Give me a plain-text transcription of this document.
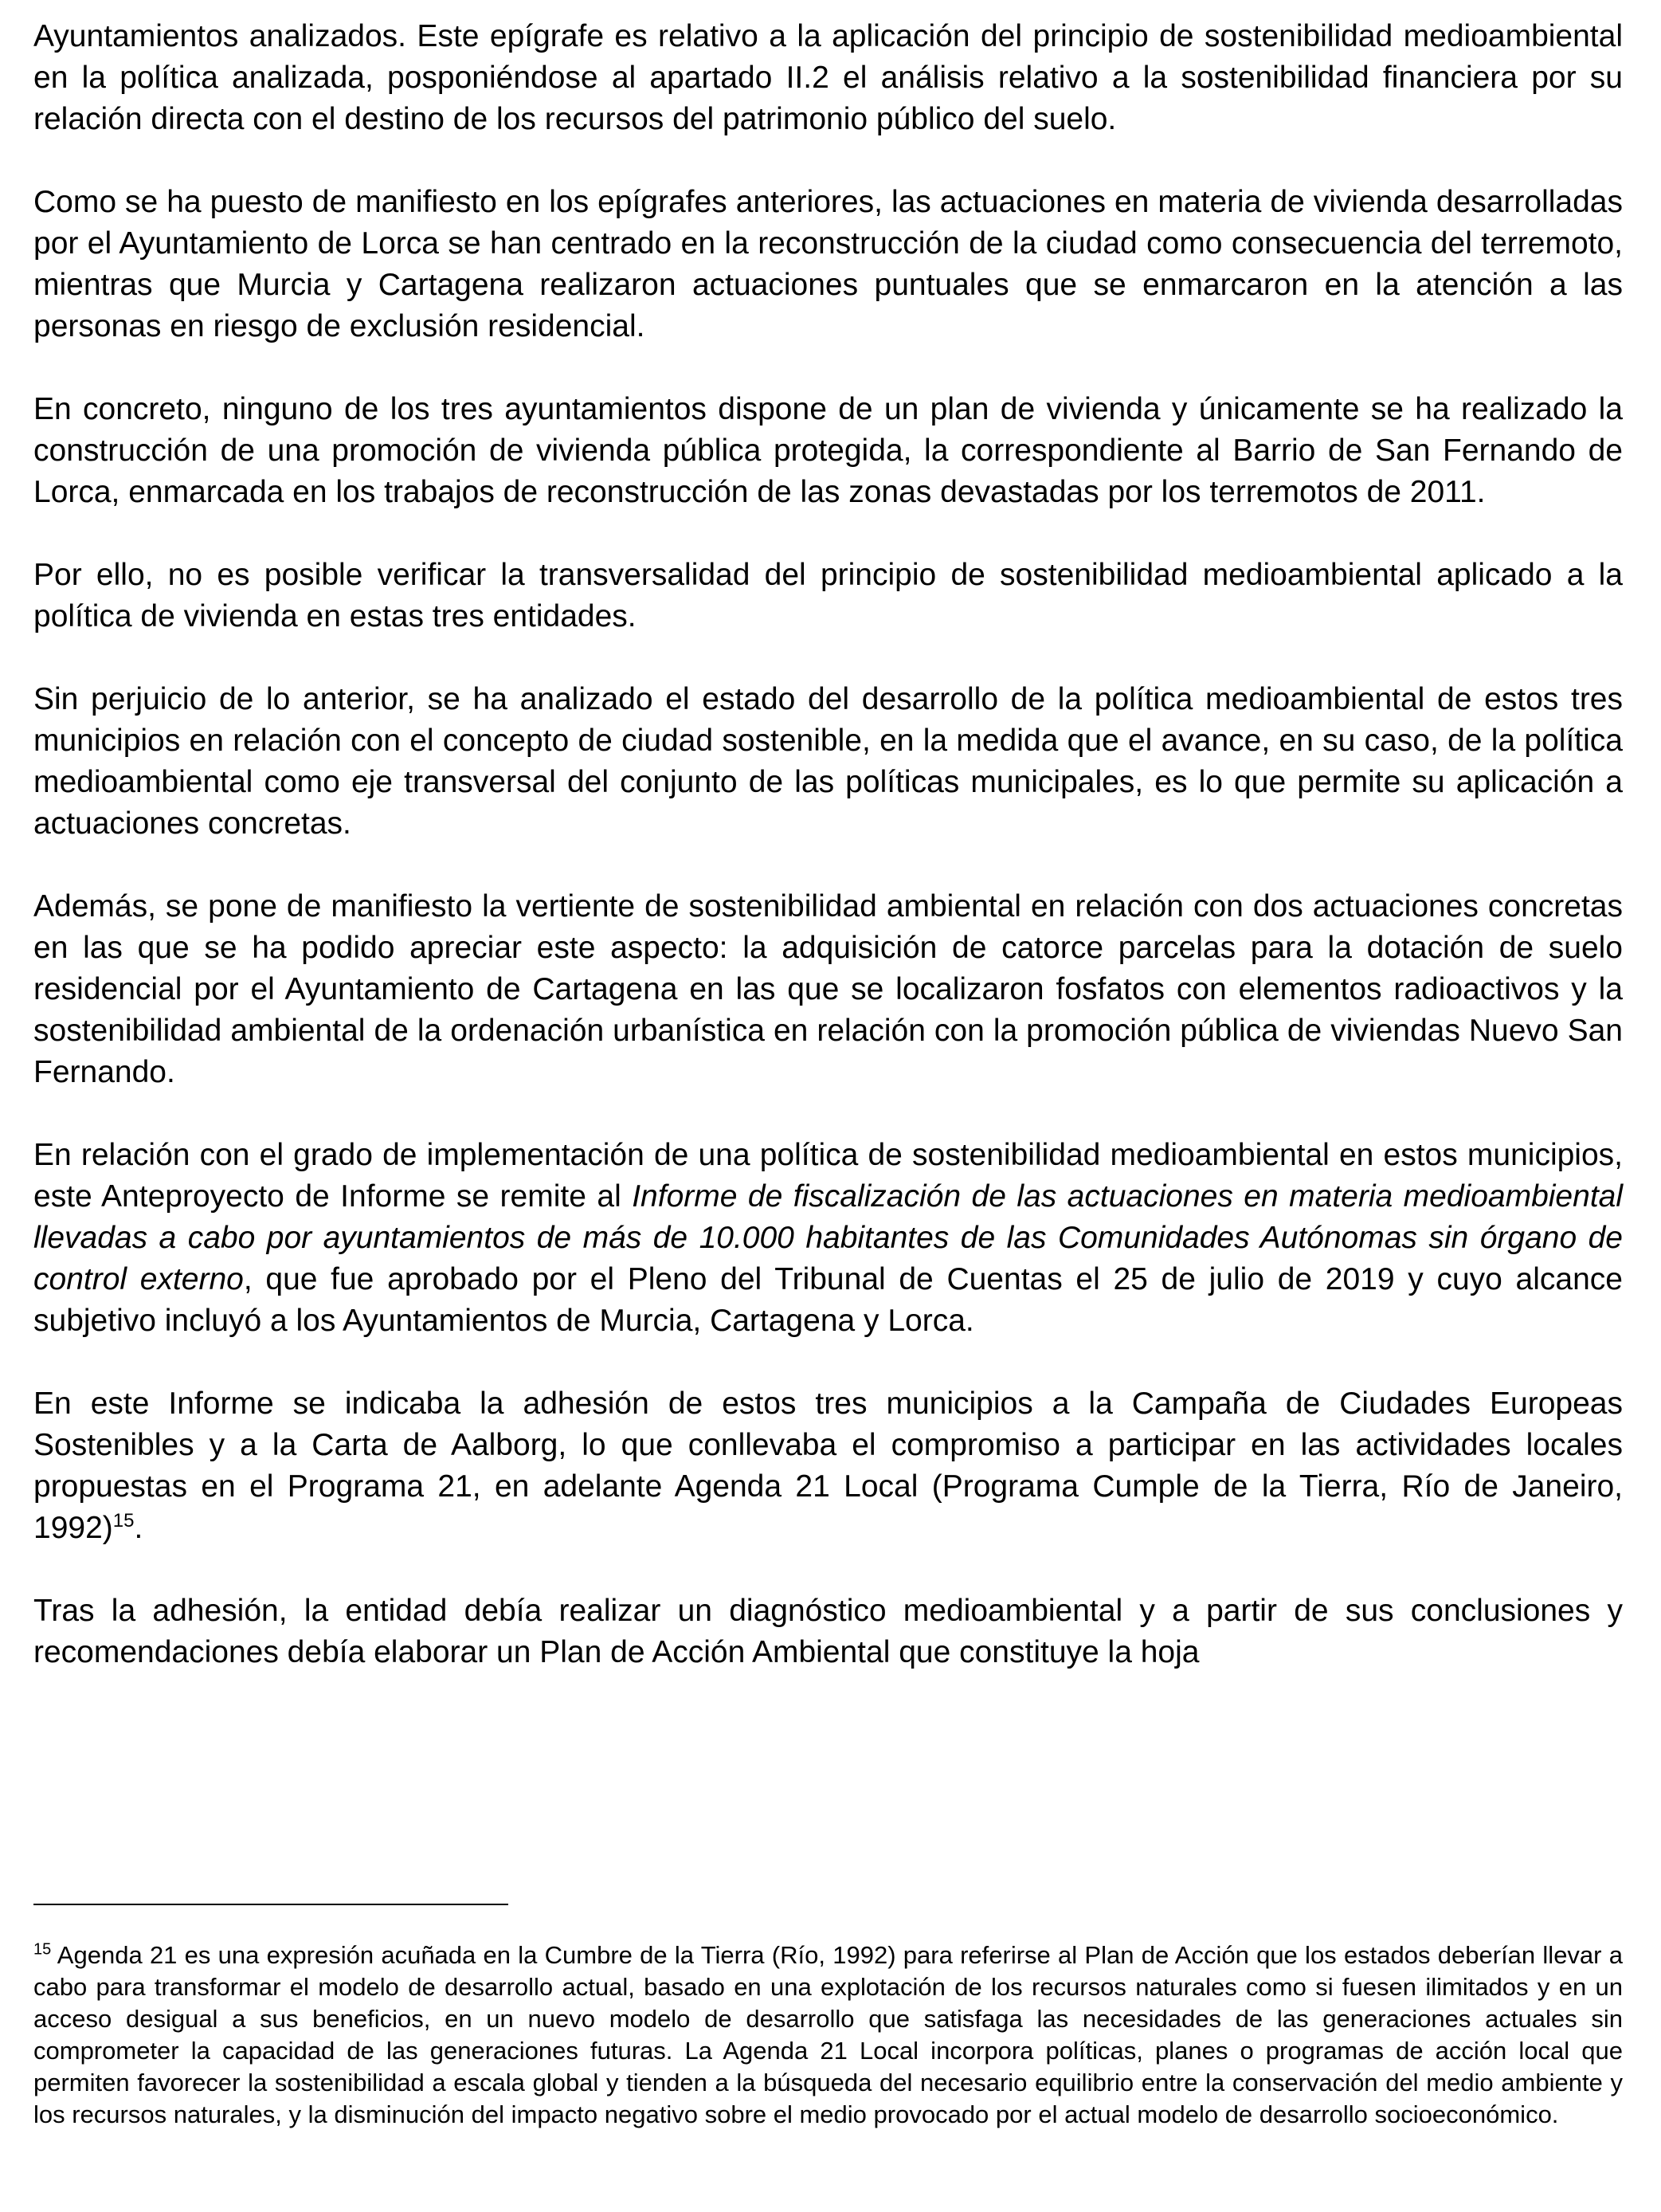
Ayuntamientos analizados. Este epígrafe es relativo a la aplicación del principio de sostenibilidad medioambiental en la política analizada, posponiéndose al apartado II.2 el análisis relativo a la sostenibilidad financiera por su relación directa con el destino de los recursos del patrimonio público del suelo.

Como se ha puesto de manifiesto en los epígrafes anteriores, las actuaciones en materia de vivienda desarrolladas por el Ayuntamiento de Lorca se han centrado en la reconstrucción de la ciudad como consecuencia del terremoto, mientras que Murcia y Cartagena realizaron actuaciones puntuales que se enmarcaron en la atención a las personas en riesgo de exclusión residencial.

En concreto, ninguno de los tres ayuntamientos dispone de un plan de vivienda y únicamente se ha realizado la construcción de una promoción de vivienda pública protegida, la correspondiente al Barrio de San Fernando de Lorca, enmarcada en los trabajos de reconstrucción de las zonas devastadas por los terremotos de 2011.

Por ello, no es posible verificar la transversalidad del principio de sostenibilidad medioambiental aplicado a la política de vivienda en estas tres entidades.

Sin perjuicio de lo anterior, se ha analizado el estado del desarrollo de la política medioambiental de estos tres municipios en relación con el concepto de ciudad sostenible, en la medida que el avance, en su caso, de la política medioambiental como eje transversal del conjunto de las políticas municipales, es lo que permite su aplicación a actuaciones concretas.

Además, se pone de manifiesto la vertiente de sostenibilidad ambiental en relación con dos actuaciones concretas en las que se ha podido apreciar este aspecto: la adquisición de catorce parcelas para la dotación de suelo residencial por el Ayuntamiento de Cartagena en las que se localizaron fosfatos con elementos radioactivos y la sostenibilidad ambiental de la ordenación urbanística en relación con la promoción pública de viviendas Nuevo San Fernando.

En relación con el grado de implementación de una política de sostenibilidad medioambiental en estos municipios, este Anteproyecto de Informe se remite al Informe de fiscalización de las actuaciones en materia medioambiental llevadas a cabo por ayuntamientos de más de 10.000 habitantes de las Comunidades Autónomas sin órgano de control externo, que fue aprobado por el Pleno del Tribunal de Cuentas el 25 de julio de 2019 y cuyo alcance subjetivo incluyó a los Ayuntamientos de Murcia, Cartagena y Lorca.

En este Informe se indicaba la adhesión de estos tres municipios a la Campaña de Ciudades Europeas Sostenibles y a la Carta de Aalborg, lo que conllevaba el compromiso a participar en las actividades locales propuestas en el Programa 21, en adelante Agenda 21 Local (Programa Cumple de la Tierra, Río de Janeiro, 1992)$^{15}$.

Tras la adhesión, la entidad debía realizar un diagnóstico medioambiental y a partir de sus conclusiones y recomendaciones debía elaborar un Plan de Acción Ambiental que constituye la hoja

$^{15}$ Agenda 21 es una expresión acuñada en la Cumbre de la Tierra (Río, 1992) para referirse al Plan de Acción que los estados deberían llevar a cabo para transformar el modelo de desarrollo actual, basado en una explotación de los recursos naturales como si fuesen ilimitados y en un acceso desigual a sus beneficios, en un nuevo modelo de desarrollo que satisfaga las necesidades de las generaciones actuales sin comprometer la capacidad de las generaciones futuras. La Agenda 21 Local incorpora políticas, planes o programas de acción local que permiten favorecer la sostenibilidad a escala global y tienden a la búsqueda del necesario equilibrio entre la conservación del medio ambiente y los recursos naturales, y la disminución del impacto negativo sobre el medio provocado por el actual modelo de desarrollo socioeconómico.
